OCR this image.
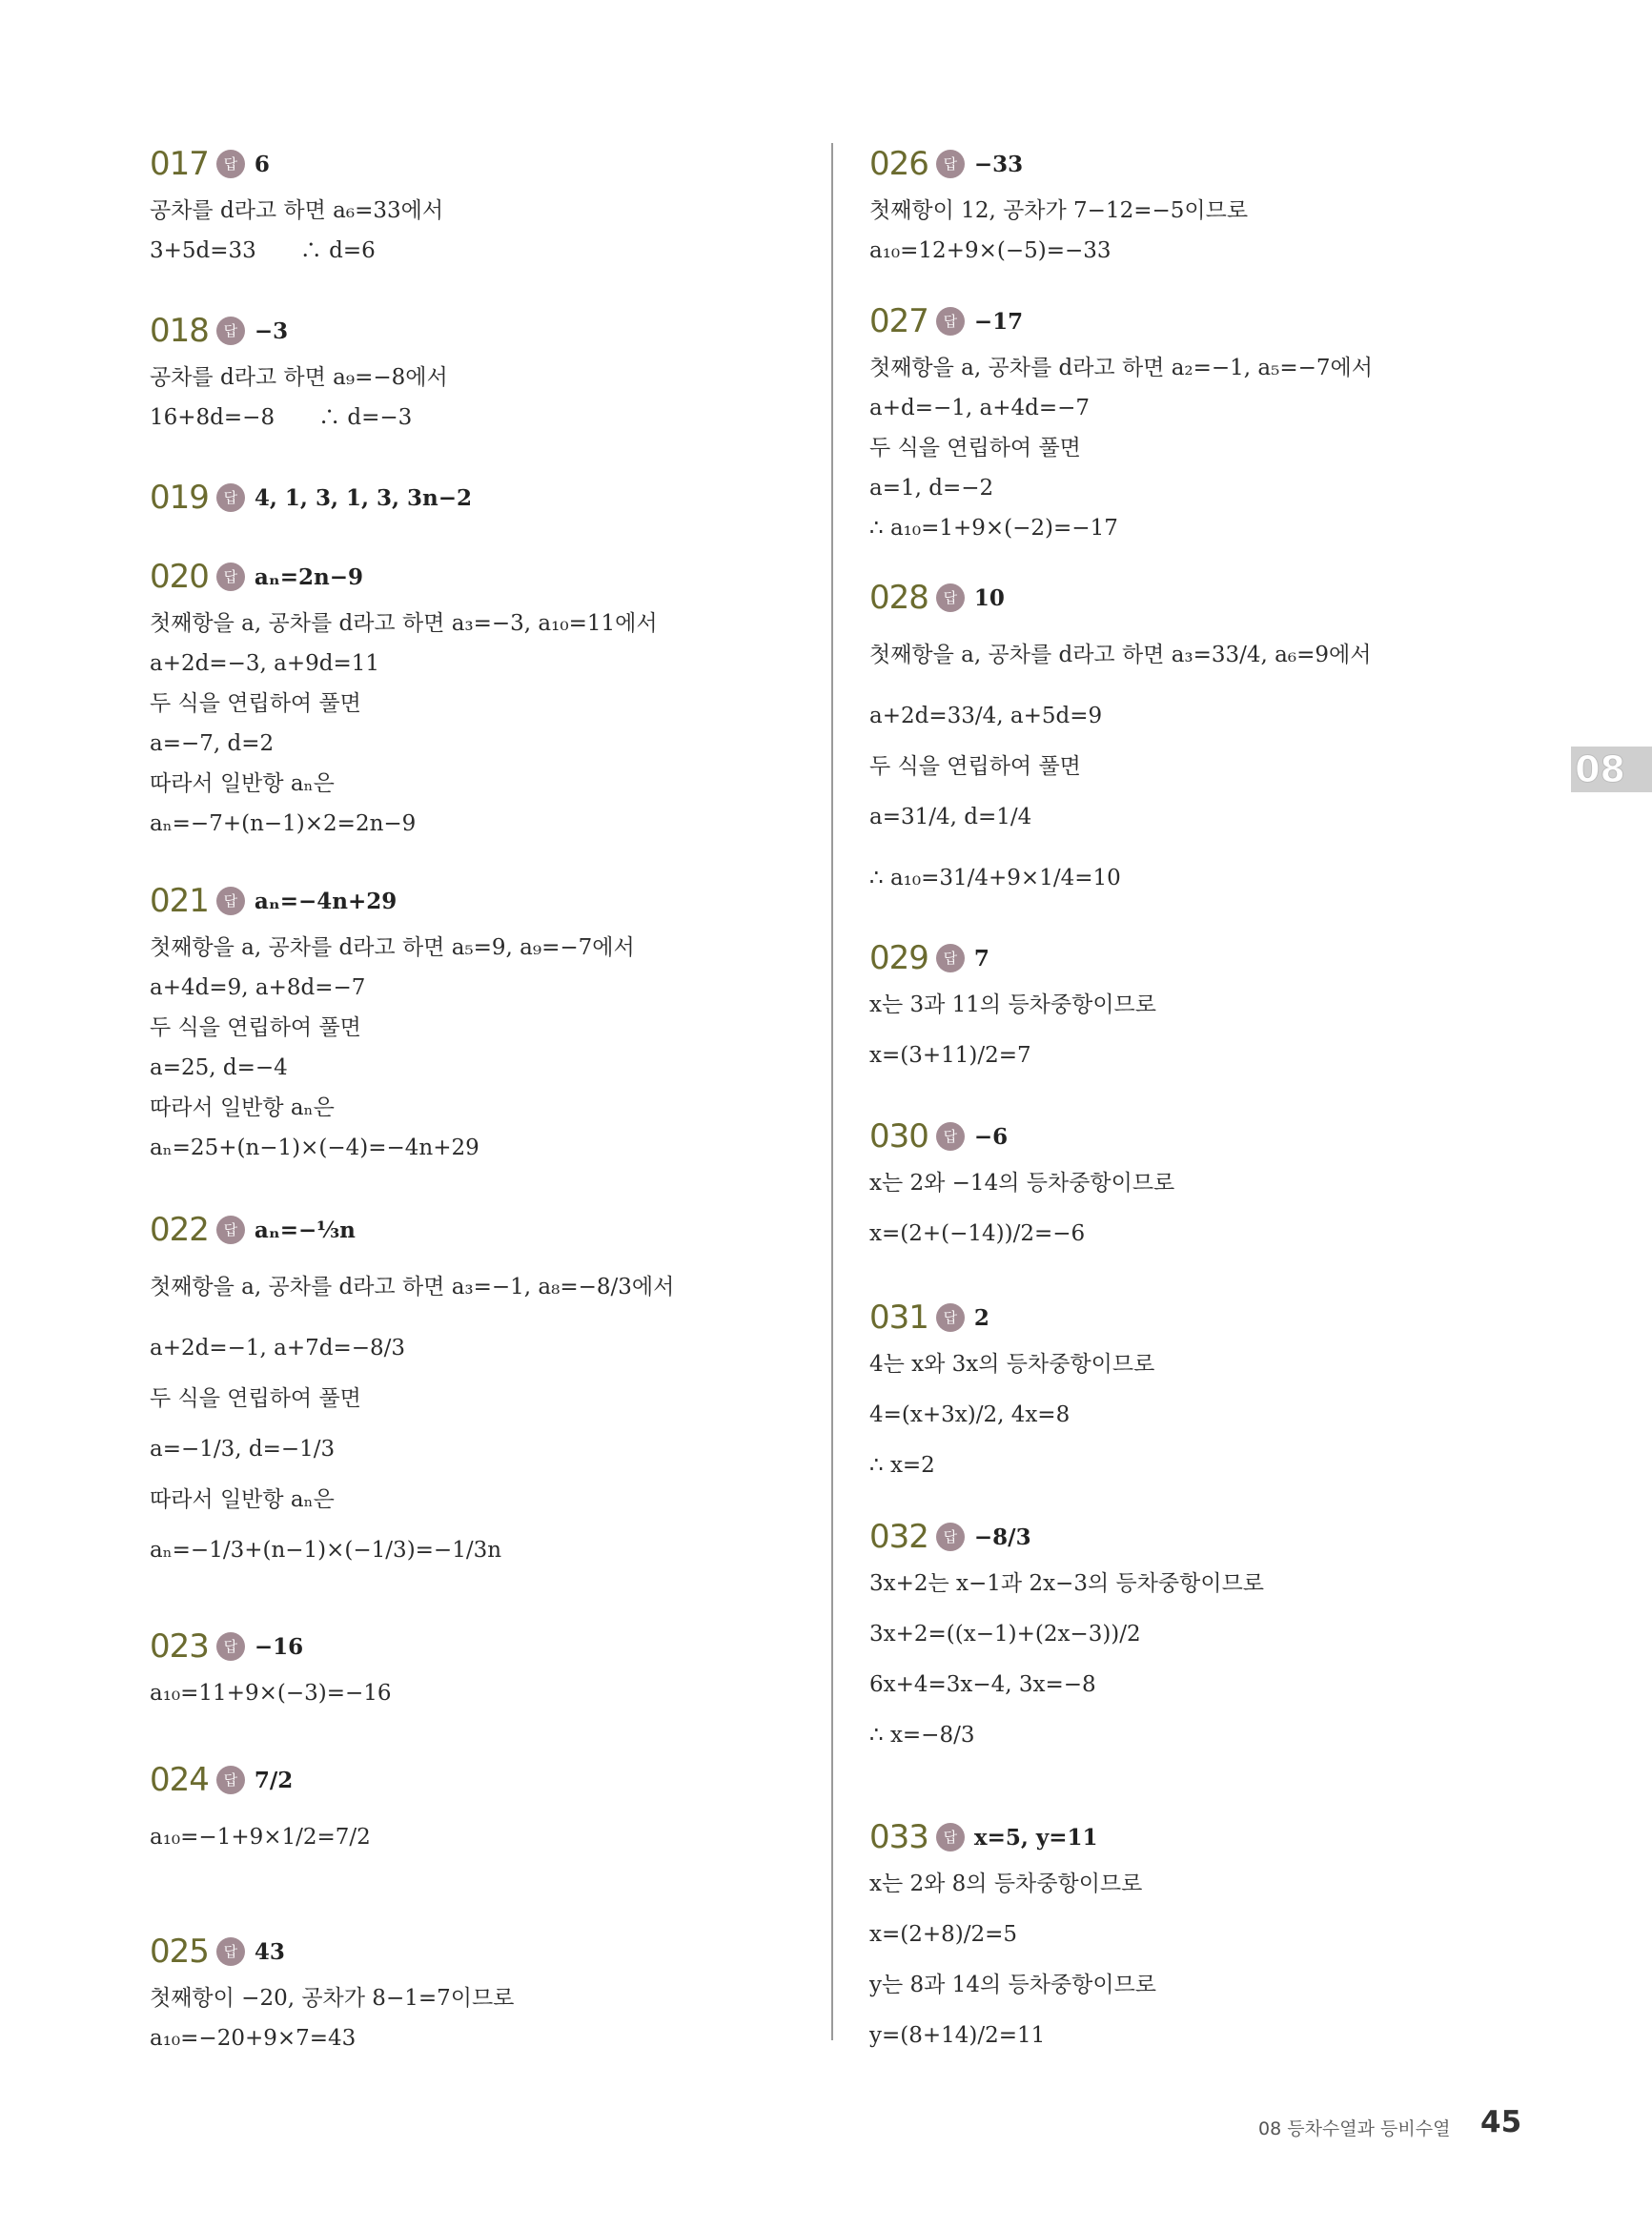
08
017	답 6
공차를 d라고 하면 a₆=33에서
3+5d=33　　∴ d=6
018	답 −3
공차를 d라고 하면 a₉=−8에서
16+8d=−8　　∴ d=−3
019	답 4, 1, 3, 1, 3, 3n−2
020	답 aₙ=2n−9
첫째항을 a, 공차를 d라고 하면 a₃=−3, a₁₀=11에서
a+2d=−3, a+9d=11
두 식을 연립하여 풀면
a=−7, d=2
따라서 일반항 aₙ은
aₙ=−7+(n−1)×2=2n−9
021	답 aₙ=−4n+29
첫째항을 a, 공차를 d라고 하면 a₅=9, a₉=−7에서
a+4d=9, a+8d=−7
두 식을 연립하여 풀면
a=25, d=−4
따라서 일반항 aₙ은
aₙ=25+(n−1)×(−4)=−4n+29
022	답 aₙ=−⅓n
첫째항을 a, 공차를 d라고 하면 a₃=−1, a₈=−8/3에서
a+2d=−1, a+7d=−8/3
두 식을 연립하여 풀면
a=−1/3, d=−1/3
따라서 일반항 aₙ은
aₙ=−1/3+(n−1)×(−1/3)=−1/3n
023	답 −16
a₁₀=11+9×(−3)=−16
024	답 7/2
a₁₀=−1+9×1/2=7/2
025	답 43
첫째항이 −20, 공차가 8−1=7이므로
a₁₀=−20+9×7=43
026	답 −33
첫째항이 12, 공차가 7−12=−5이므로
a₁₀=12+9×(−5)=−33
027	답 −17
첫째항을 a, 공차를 d라고 하면 a₂=−1, a₅=−7에서
a+d=−1, a+4d=−7
두 식을 연립하여 풀면
a=1, d=−2
∴ a₁₀=1+9×(−2)=−17
028	답 10
첫째항을 a, 공차를 d라고 하면 a₃=33/4, a₆=9에서
a+2d=33/4, a+5d=9
두 식을 연립하여 풀면
a=31/4, d=1/4
∴ a₁₀=31/4+9×1/4=10
029	답 7
x는 3과 11의 등차중항이므로
x=(3+11)/2=7
030	답 −6
x는 2와 −14의 등차중항이므로
x=(2+(−14))/2=−6
031	답 2
4는 x와 3x의 등차중항이므로
4=(x+3x)/2, 4x=8
∴ x=2
032	답 −8/3
3x+2는 x−1과 2x−3의 등차중항이므로
3x+2=((x−1)+(2x−3))/2
6x+4=3x−4, 3x=−8
∴ x=−8/3
033	답 x=5, y=11
x는 2와 8의 등차중항이므로
x=(2+8)/2=5
y는 8과 14의 등차중항이므로
y=(8+14)/2=11
08 등차수열과 등비수열 45
